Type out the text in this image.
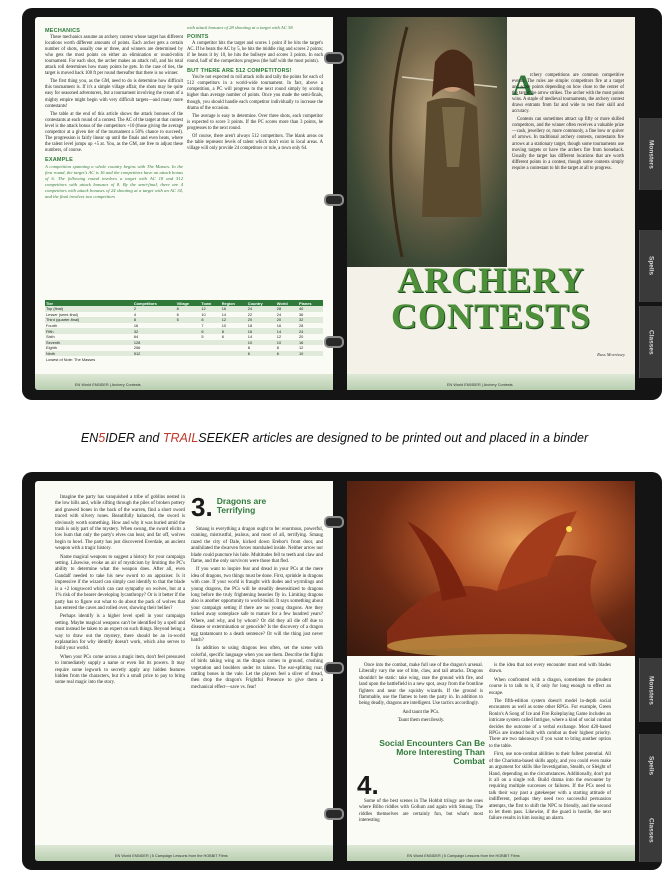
MECHANICS

These mechanics assume an archery contest whose target has different locations worth different amounts of points. Each archer gets a certain number of shots, usually one or three, and winners are determined by who gets the most points on either an elimination or round-robin tournament. For each shot, the archer makes an attack roll, and his total attack roll determines how many points he gets. In the case of ties, the target is moved back 100 ft per round thereafter that there is no winner.

The first thing you, as the GM, need to do is determine how difficult this tournament is. If it's a simple village affair, the shots may be quite easy for seasoned adventurers, but a tournament involving the cream of a mighty empire might begin with very difficult targets—and many more contestants!

The table at the end of this article shows the attack bonuses of the contestants at each round of a contest. The AC of the target at that contest level is the attack bonus of the competitors +10 (those giving the average competitor at a given tier of the tournament a 50% chance to succeed). The progression is fairly linear up until the finals and even heats, where the talent level jumps up +5 at. You, as the GM, are free to adjust these numbers, of course.

EXAMPLE
A competition spanning a whole country begins with The Masses. In the first round, the target's AC is 16 and the competitors have an attack bonus of 6. The following round involves a target with AC 18 and 512 competitors with attack bonuses of 8. By the semi-final, there are 4 competitors with attack bonuses of 24 shooting at a target with an AC 34, and the final involves two competitors
with attack bonuses of 28 shooting at a target with AC 38.
POINTS

A competitor hits the target and scores 1 point if he hits the target's AC. If he beats the AC by 5, he hits the middle ring and scores 2 points; if he beats it by 10, he hits the bullseye and scores 3 points. In each round, half of the competitors progress (the half with the most points).

BUT THERE ARE 512 COMPETITORS!

You're not expected to roll attack rolls and tally the points for each of 512 competitors in a world-wide tournament. In fact, above a competition, a PC will progress to the next round simply by scoring higher than average number of points. Once you made the semi-finals, though, you should handle each competitor individually to increase the drama of the occasion.

The average is easy to determine. Over three shots, each competitor is expected to score 3 points. If the PC scores more than 3 points, he progresses to the next round.

Of course, there aren't always 512 competitors. The blank areas on the table represent levels of talent which don't exist in local areas. A village will only provide 24 competitors or rule, a town only 64.

Tier	Competitors	Village	Town	Region	Country	World	Planes
Top (final)	2	8	12	16	24	28	40
Lesser (semi-final)	4	6	10	14	22	24	36
Third (quarter-final)	8	5	8	12	20	20	32
Fourth	16		7	10	18	16	28
Fifth	32		6	8	16	14	24
Sixth	64		5	6	14	12	20
Seventh	128				10	10	16
Eighth	256				8	8	12
Ninth	512				6	6	10
Lowest of Note: The Masses							
EN World EN5IDER | Archery Contests
A

rchery competitions are common competitive events. The rules are simple: competitors fire at a target and score points depending on how close to the center of the target the arrow strikes. The archer with the most points wins. A staple of medieval tournaments, the archery contest draws entrants from far and wide to test their skill and accuracy.

Contests can sometimes attract up fifty or more skilled competitors, and the winner often receives a valuable prize—cash, jewellery or, more commonly, a fine bow or quiver of arrows. In traditional archery contests, contestants fire arrows at a stationary target, though some tournaments use moving targets or have the archers fire from horseback. Usually the target has different locations that are worth different points in a contest, though some contests simply require a contestant to hit the target at all to progress.

ARCHERY
CONTESTS
Russ Morrissey
EN World EN5IDER | Archery Contests
Monsters
Spells
Classes
EN5IDER and TRAILSEEKER articles are designed to be printed out and placed in a binder

Imagine the party has vanquished a tribe of goblins nested in the low hills and, while sifting through the piles of broken pottery and gnawed bones in the back of the warren, find a short sword traced with silvery runes. Beautifully balanced, the sword is obviously worth something. How and why it was buried amid the trash is only part of the mystery. When swung, the sword elicits a low hum that only the party's elves can hear, and far off, wolves begin to howl. The party has just discovered Everdale, an ancient weapon with a tragic history.

Name magical weapons to suggest a history for your campaign setting. Likewise, evoke an air of mysticism by limiting the PC's ability to determine what the weapon does. After all, even Gandalf needed to take his new sword to an appraiser. Is it impressive if the wizard can simply cast identify to that the blade is a +2 longsword which can cast sympathy on wolves, but at a 1% risk of the bearer developing lycanthropy? Or is it better if the party has to figure out what to do about the pack of wolves that has entered the caves and rolled over, showing their bellies?

Perhaps identify is a higher level spell in your campaign setting. Maybe magical weapons can't be identified by a spell and must instead be taken to an expert on such things. Beyond being a way to draw out the mystery, there should be an in-world explanation for why identify doesn't work, which also serves to build your world.

When your PCs come across a magic item, don't feel pressured to immediately supply a name or even list its powers. It may require some legwork to secretly apply any hidden features hidden from the characters, but it's a small price to pay to bring some real magic into the story.

3. Dragons are Terrifying

Smaug is everything a dragon ought to be: enormous, powerful, cunning, mistrustful, jealous, and most of all, terrifying. Smaug razed the city of Dale, kicked down Erebor's front door, and annihilated the dwarven forces marshaled inside. Neither arrow nor blade could puncture his hide. Multitudes fell to teeth and claw and flame, and the only survivors were those that fled.

If you want to inspire fear and dread in your PCs at the mere idea of dragons, two things must be done. First, sprinkle in dragons with care. If your world is fraught with dudes and wyrmlings and young dragons, the PCs will be steadily desensitized to dragons long before the truly frightening beasties fly in. Limiting dragons also is another opportunity to world-build. It says something about your campaign setting if there are no young dragons. Are they tucked away someplace safe to mature for a few hundred years? Where, and why, and by whom? Or did they all die off due to disease or extermination or genocide? Is the discovery of a dragon egg tantamount to a death sentence? Or will the thing just never hatch?

In addition to using dragons less often, set the scene with colorful, specific language when you use them. Describe the flights of birds taking wing as the dragon comes to ground, crushing vegetation and boulders under its talons. The ear-splitting roar, rattling bones in the vale. Let the players feel a sliver of dread, then drop the dragon's Frightful Presence to give them a mechanical effect—save vs. fear!

EN World EN5IDER | 5 Campaign Lessons from the HOBBIT Films

Once into the combat, make full use of the dragon's arsenal. Liberally vary the use of bite, claw, and tail attacks. Dragons shouldn't be static: take wing, raze the ground with fire, and land upon the battlefield in a new spot, away from the frontline fighters and near the squishy wizards. If the ground is flammable, use the flames to hem the party in. In addition to being deadly, dragons are intelligent. Use tactics accordingly.

And taunt the PCs.

Taunt them mercilessly.

Social Encounters Can Be More Interesting Than Combat
4.

Some of the best scenes in The Hobbit trilogy are the ones where Bilbo riddles with Gollum and again with Smaug. The riddles themselves are certainly fun, but what's most interesting

is the idea that not every encounter must end with blades drawn.

When confronted with a dragon, sometimes the prudent course is to talk to it, if only for long enough to effect an escape.

The fifth-edition system doesn't model in-depth social encounters as well as some other RPGs. For example, Green Ronin's A Song of Ice and Fire Roleplaying Game includes an intricate system called Intrigue, where a kind of social combat decides the outcome of a verbal exchange. Most d20-based RPGs are instead built with combat as their highest priority. There are two takeaways if you want to bring another option to the table.

First, use non-combat abilities to their fullest potential. All of the Charisma-based skills apply, and you could even make an argument for skills like Investigation, Stealth, or Sleight of Hand, depending on the circumstances. Additionally, don't put it all on a single roll. Build drama into the encounter by requiring multiple successes or failures. If the PCs need to talk their way past a gatekeeper with a starting attitude of indifferent, perhaps they need two successful persuasion attempts, the first to shift the NPC to friendly, and the second to let them pass. Likewise, if the guard is hostile, the next failure results in him issuing an alarm.

EN World EN5IDER | 5 Campaign Lessons from the HOBBIT Films
Monsters
Spells
Classes
